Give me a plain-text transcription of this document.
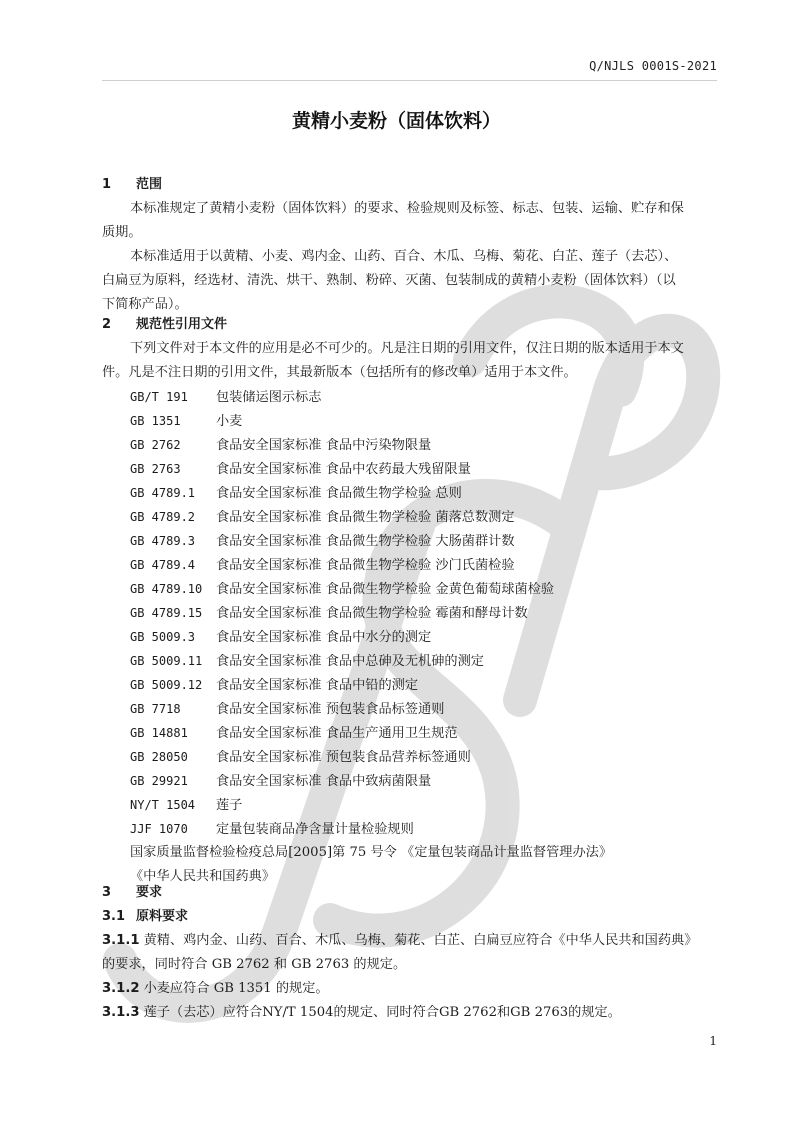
Q/NJLS 0001S-2021
黄精小麦粉（固体饮料）
1 范围
本标准规定了黄精小麦粉（固体饮料）的要求、检验规则及标签、标志、包装、运输、贮存和保
质期。
本标准适用于以黄精、小麦、鸡内金、山药、百合、木瓜、乌梅、菊花、白芷、莲子（去芯）、
白扁豆为原料，经选材、清洗、烘干、熟制、粉碎、灭菌、包装制成的黄精小麦粉（固体饮料）（以
下简称产品）。
2 规范性引用文件
下列文件对于本文件的应用是必不可少的。凡是注日期的引用文件，仅注日期的版本适用于本文
件。凡是不注日期的引用文件，其最新版本（包括所有的修改单）适用于本文件。
GB/T 191 包装储运图示标志
GB 1351	小麦
GB 2762	食品安全国家标准 食品中污染物限量
GB 2763	食品安全国家标准 食品中农药最大残留限量
GB 4789.1 食品安全国家标准 食品微生物学检验 总则
GB 4789.2 食品安全国家标准 食品微生物学检验 菌落总数测定
GB 4789.3 食品安全国家标准 食品微生物学检验 大肠菌群计数
GB 4789.4 食品安全国家标准 食品微生物学检验 沙门氏菌检验
GB 4789.10 食品安全国家标准 食品微生物学检验 金黄色葡萄球菌检验
GB 4789.15 食品安全国家标准 食品微生物学检验 霉菌和酵母计数
GB 5009.3 食品安全国家标准 食品中水分的测定
GB 5009.11 食品安全国家标准 食品中总砷及无机砷的测定
GB 5009.12 食品安全国家标准 食品中铅的测定
GB 7718	食品安全国家标准 预包装食品标签通则
GB 14881 食品安全国家标准 食品生产通用卫生规范
GB 28050 食品安全国家标准 预包装食品营养标签通则
GB 29921 食品安全国家标准 食品中致病菌限量
NY/T 1504 莲子
JJF 1070 定量包装商品净含量计量检验规则
国家质量监督检验检疫总局[2005]第 75 号令 《定量包装商品计量监督管理办法》
《中华人民共和国药典》
3 要求
3.1 原料要求
3.1.1 黄精、鸡内金、山药、百合、木瓜、乌梅、菊花、白芷、白扁豆应符合《中华人民共和国药典》
的要求，同时符合 GB 2762 和 GB 2763 的规定。
3.1.2 小麦应符合 GB 1351 的规定。
3.1.3 莲子（去芯）应符合NY/T 1504的规定、同时符合GB 2762和GB 2763的规定。
1
